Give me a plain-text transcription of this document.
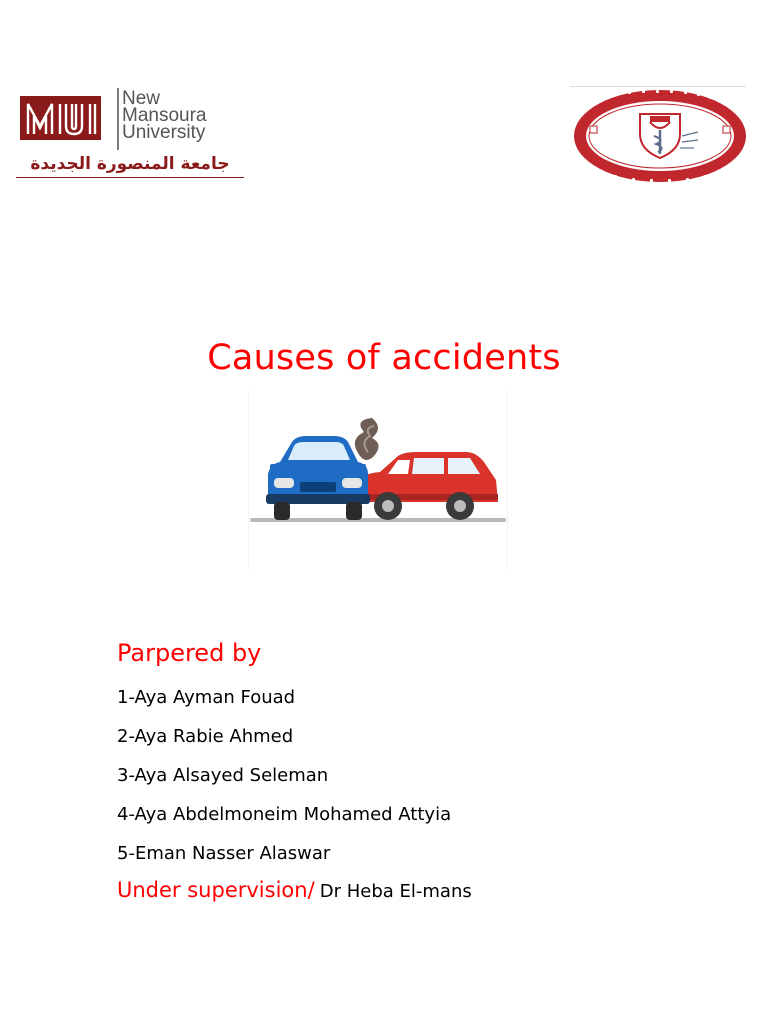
New
Mansoura
University
جامعة المنصورة الجديدة
Causes of accidents
Parpered by
1-Aya Ayman Fouad
2-Aya Rabie Ahmed
3-Aya Alsayed Seleman
4-Aya Abdelmoneim Mohamed Attyia
5-Eman Nasser Alaswar
Under supervision/ Dr Heba El-mans
